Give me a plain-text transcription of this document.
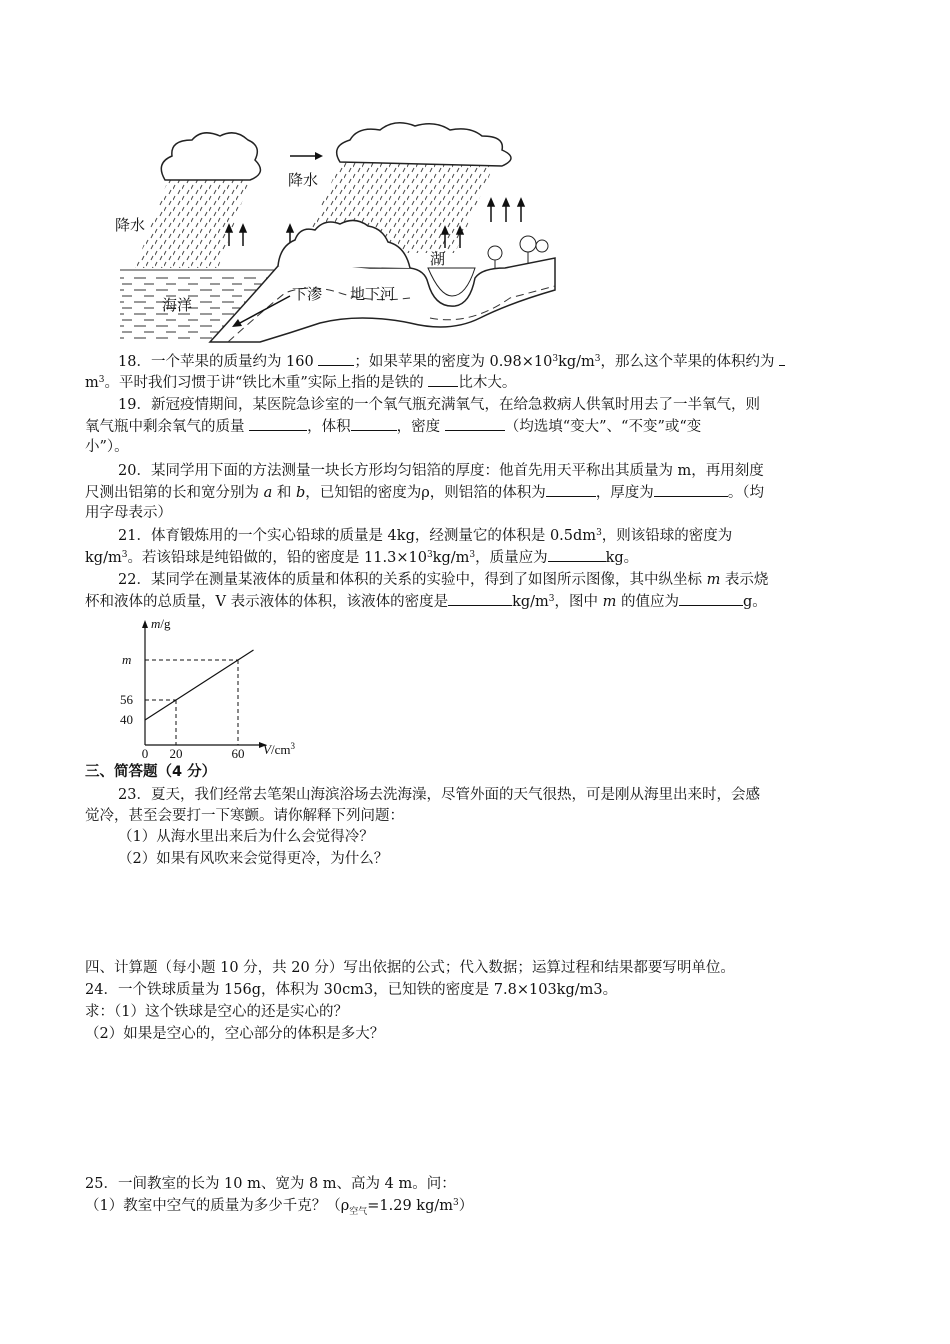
降水
降水
海洋
下渗 地下河
湖
18．一个苹果的质量约为 160 ；如果苹果的密度为 $0.98\times 10^3kg/m^3$，那么这个苹果的体积约为
$m^3$。平时我们习惯于讲“铁比木重”实际上指的是铁的 比木大。
19．新冠疫情期间，某医院急诊室的一个氧气瓶充满氧气，在给急救病人供氧时用去了一半氧气，则
氧气瓶中剩余氧气的质量	，体积	，密度	（均选填“变大”、“不变”或“变
小”）。
20．某同学用下面的方法测量一块长方形均匀铝箔的厚度：他首先用天平称出其质量为 m，再用刻度
尺测出铝第的长和宽分别为 a 和 b，已知铝的密度为ρ，则铝箔的体积为	，厚度为	。（均
用字母表示）
21．体育锻炼用的一个实心铅球的质量是 4kg，经测量它的体积是 $0.5dm^3$，则该铅球的密度为
$kg/m^3$。若该铅球是纯铅做的，铅的密度是 $11.3\times 10^3kg/m^3$，质量应为	kg。
22．某同学在测量某液体的质量和体积的关系的实验中，得到了如图所示图像，其中纵坐标 m 表示烧
杯和液体的总质量，V 表示液体的体积，该液体的密度是	$kg/m^3$，图中 m 的值应为	g。
m/g
$V/cm^3$
m
56
40
0 20	60
三、简答题（4 分）
23．夏天，我们经常去笔架山海滨浴场去洗海澡，尽管外面的天气很热，可是刚从海里出来时，会感
觉冷，甚至会要打一下寒颤。请你解释下列问题：
（1）从海水里出来后为什么会觉得冷？
（2）如果有风吹来会觉得更冷，为什么？
四、计算题（每小题 10 分，共 20 分）写出依据的公式；代入数据；运算过程和结果都要写明单位。
24．一个铁球质量为 156g，体积为 30cm3，已知铁的密度是 7.8×103kg/m3。
求：（1）这个铁球是空心的还是实心的？
（2）如果是空心的，空心部分的体积是多大？
25．一间教室的长为 10 m、宽为 8 m、高为 4 m。问：
（1）教室中空气的质量为多少千克？（$\rho_{空气}=1.29$ $kg/m^3$）
